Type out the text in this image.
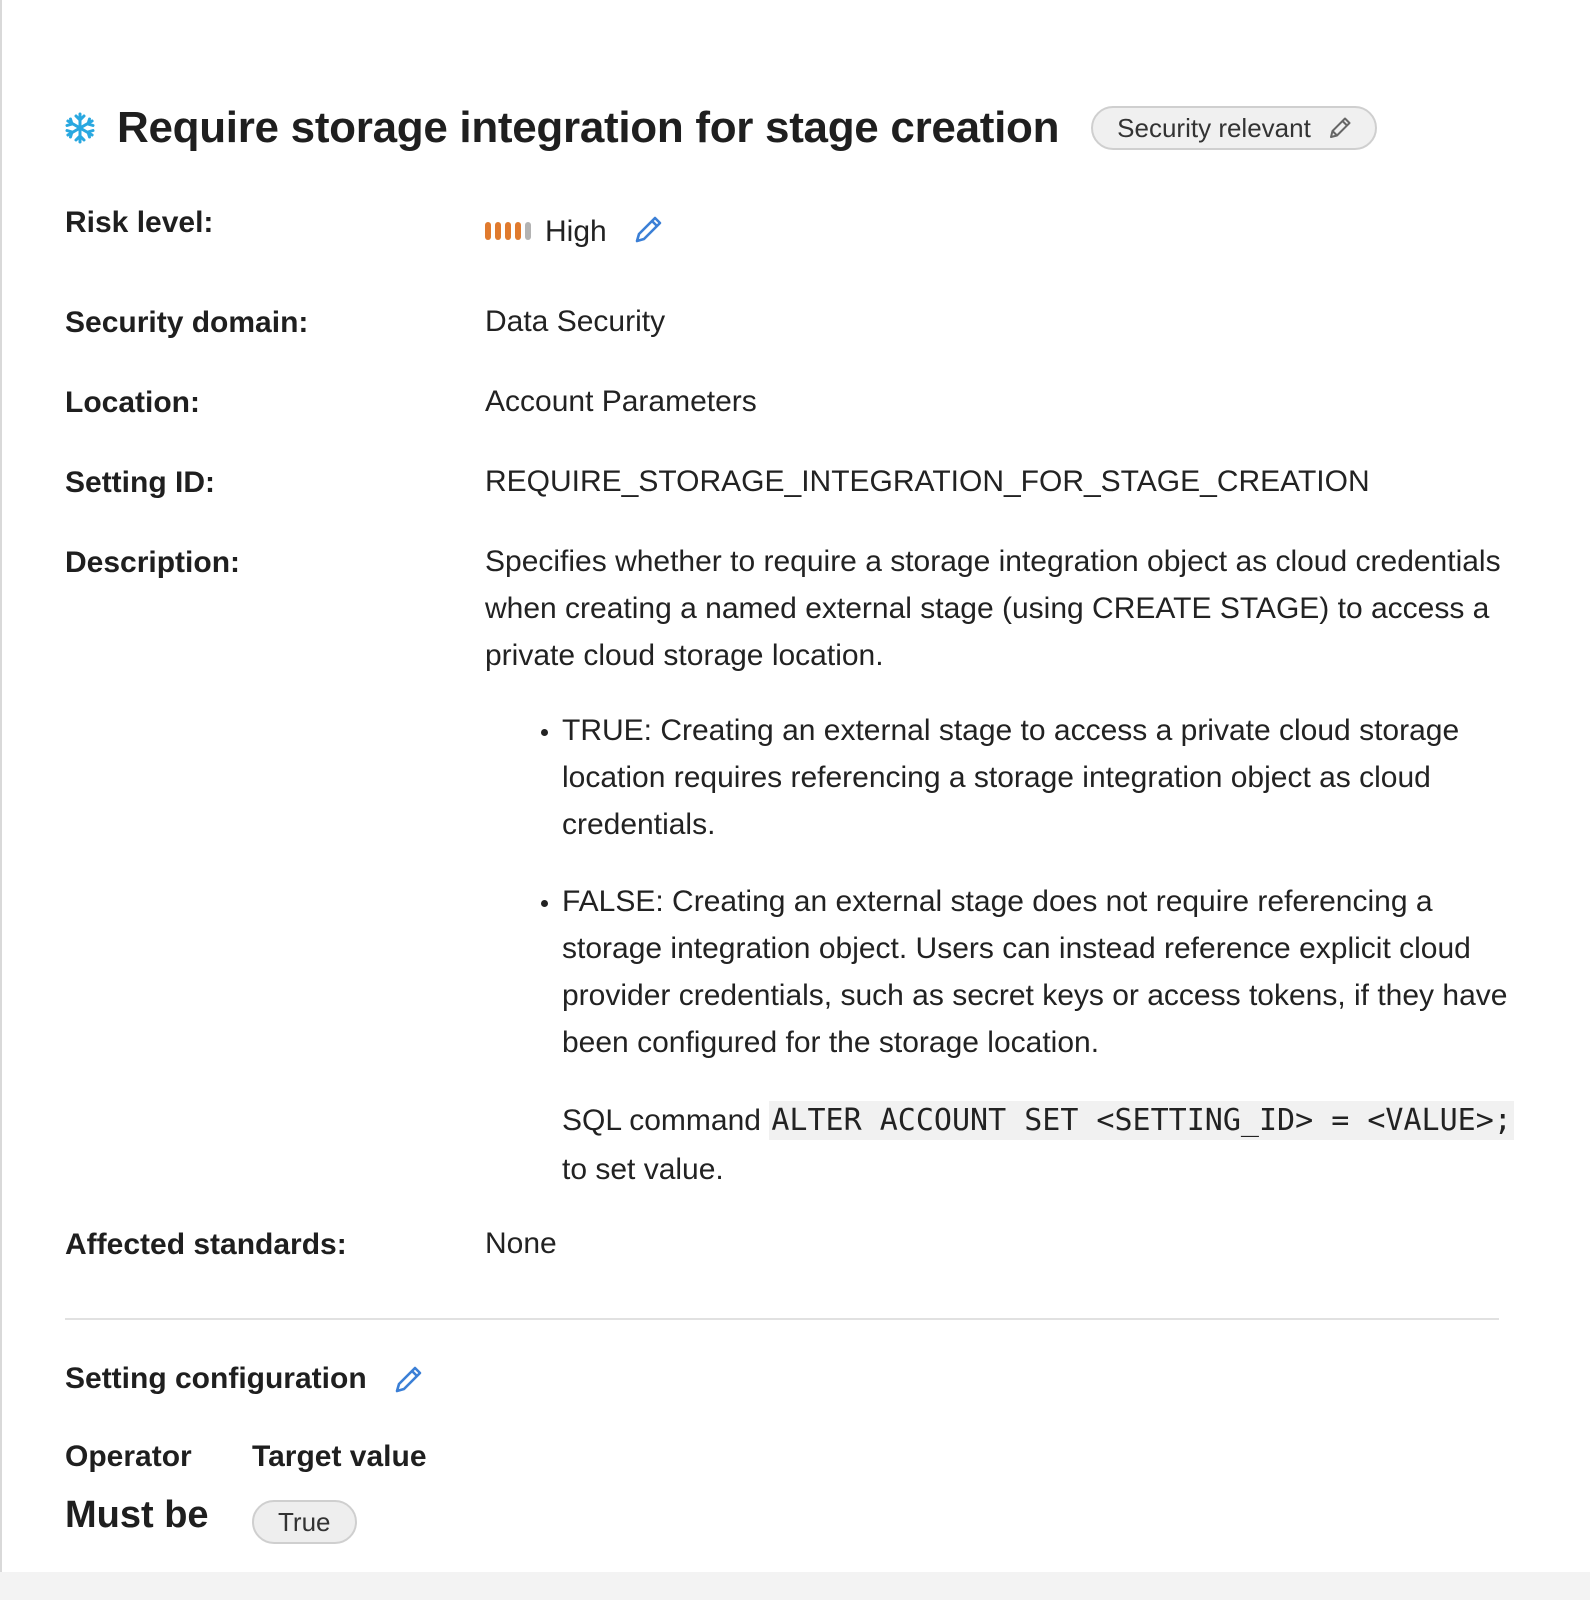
Require storage integration for stage creation Security relevant
Risk level:	High
Security domain:	Data Security
Location:	Account Parameters
Setting ID:	REQUIRE_STORAGE_INTEGRATION_FOR_STAGE_CREATION
Description:	Specifies whether to require a storage integration object as cloud credentials when creating a named external stage (using CREATE STAGE) to access a private cloud storage location.

• TRUE: Creating an external stage to access a private cloud storage location requires referencing a storage integration object as cloud credentials.
• FALSE: Creating an external stage does not require referencing a storage integration object. Users can instead reference explicit cloud provider credentials, such as secret keys or access tokens, if they have been configured for the storage location.
SQL command ALTER ACCOUNT SET <SETTING_ID> = <VALUE>; to set value.
Affected standards:	None
Setting configuration
Operator Target value
Must be	True
